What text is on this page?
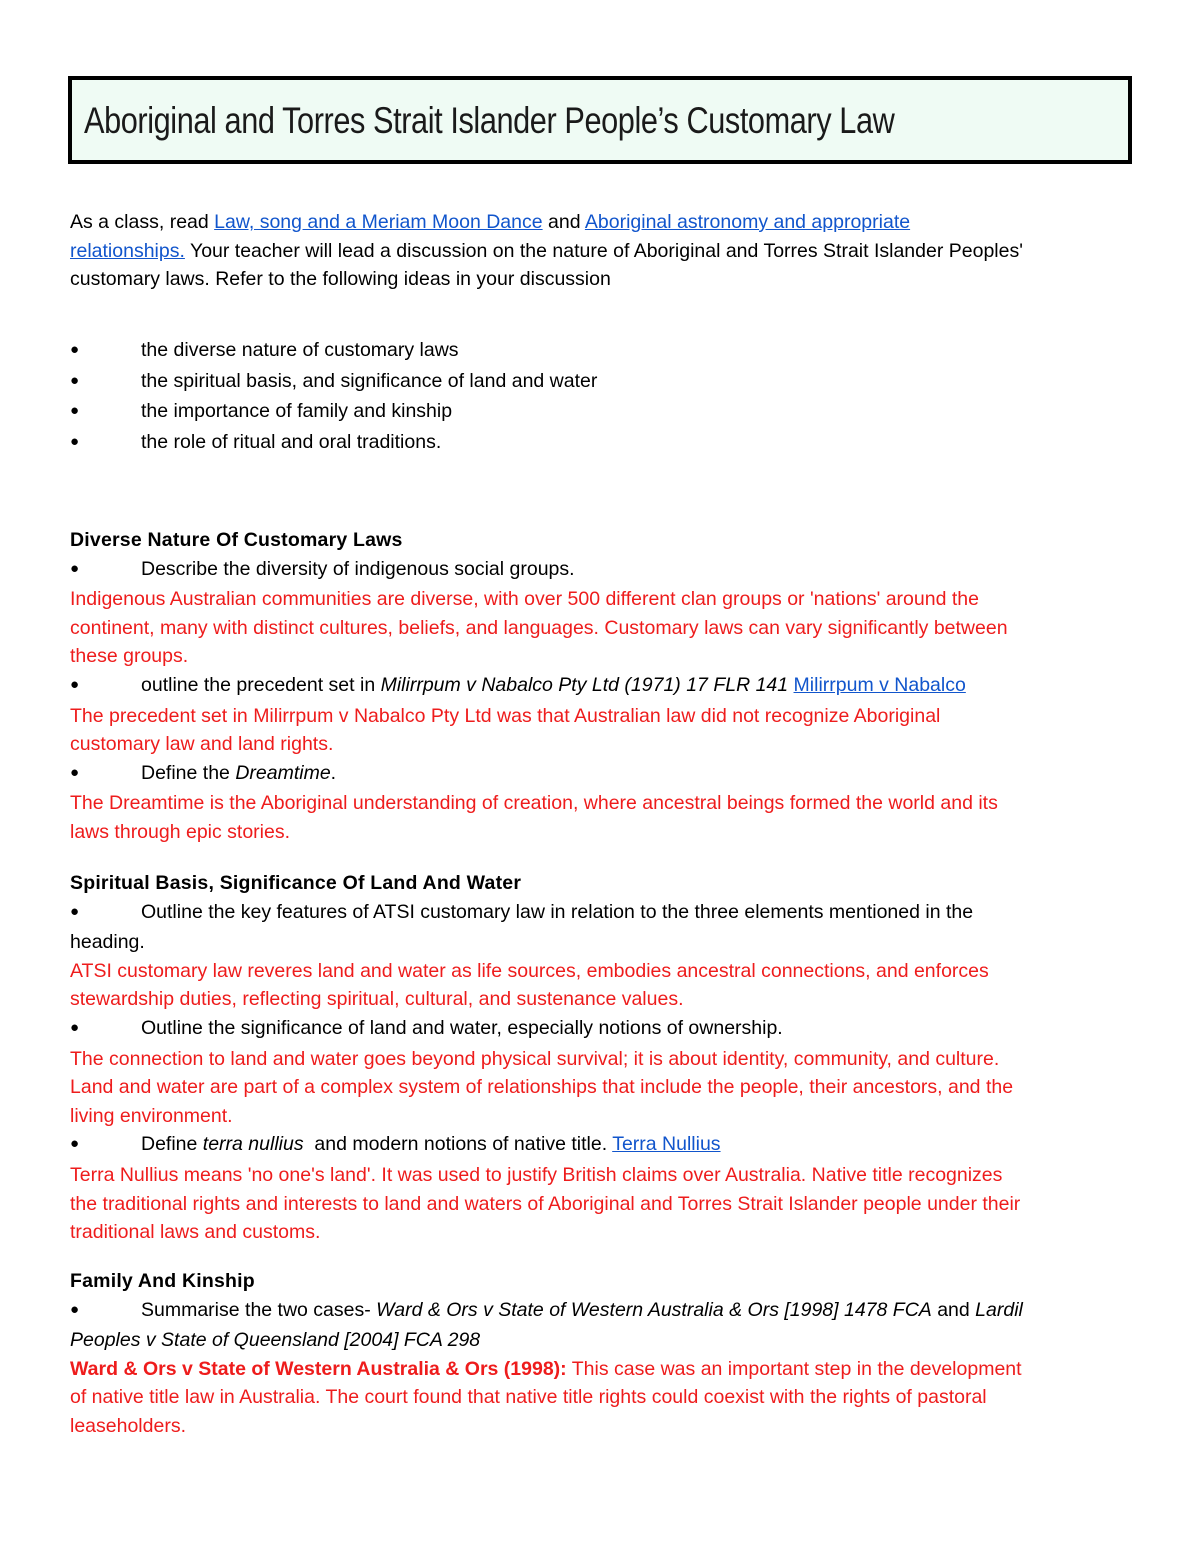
Aboriginal and Torres Strait Islander People’s Customary Law
As a class, read Law, song and a Meriam Moon Dance and Aboriginal astronomy and appropriate
relationships. Your teacher will lead a discussion on the nature of Aboriginal and Torres Strait Islander Peoples'
customary laws. Refer to the following ideas in your discussion
●	the diverse nature of customary laws
●	the spiritual basis, and significance of land and water
●	the importance of family and kinship
●	the role of ritual and oral traditions.
Diverse Nature Of Customary Laws
●	Describe the diversity of indigenous social groups.
Indigenous Australian communities are diverse, with over 500 different clan groups or 'nations' around the
continent, many with distinct cultures, beliefs, and languages. Customary laws can vary significantly between
these groups.
●	outline the precedent set in Milirrpum v Nabalco Pty Ltd (1971) 17 FLR 141 Milirrpum v Nabalco
The precedent set in Milirrpum v Nabalco Pty Ltd was that Australian law did not recognize Aboriginal
customary law and land rights.
●	Define the Dreamtime.
The Dreamtime is the Aboriginal understanding of creation, where ancestral beings formed the world and its
laws through epic stories.
Spiritual Basis, Significance Of Land And Water
●	Outline the key features of ATSI customary law in relation to the three elements mentioned in the
heading.
ATSI customary law reveres land and water as life sources, embodies ancestral connections, and enforces
stewardship duties, reflecting spiritual, cultural, and sustenance values.
●	Outline the significance of land and water, especially notions of ownership.
The connection to land and water goes beyond physical survival; it is about identity, community, and culture.
Land and water are part of a complex system of relationships that include the people, their ancestors, and the
living environment.
●	Define terra nullius  and modern notions of native title. Terra Nullius
Terra Nullius means 'no one's land'. It was used to justify British claims over Australia. Native title recognizes
the traditional rights and interests to land and waters of Aboriginal and Torres Strait Islander people under their
traditional laws and customs.
Family And Kinship
●	Summarise the two cases- Ward & Ors v State of Western Australia & Ors [1998] 1478 FCA and Lardil
Peoples v State of Queensland [2004] FCA 298
Ward & Ors v State of Western Australia & Ors (1998): This case was an important step in the development
of native title law in Australia. The court found that native title rights could coexist with the rights of pastoral
leaseholders.
